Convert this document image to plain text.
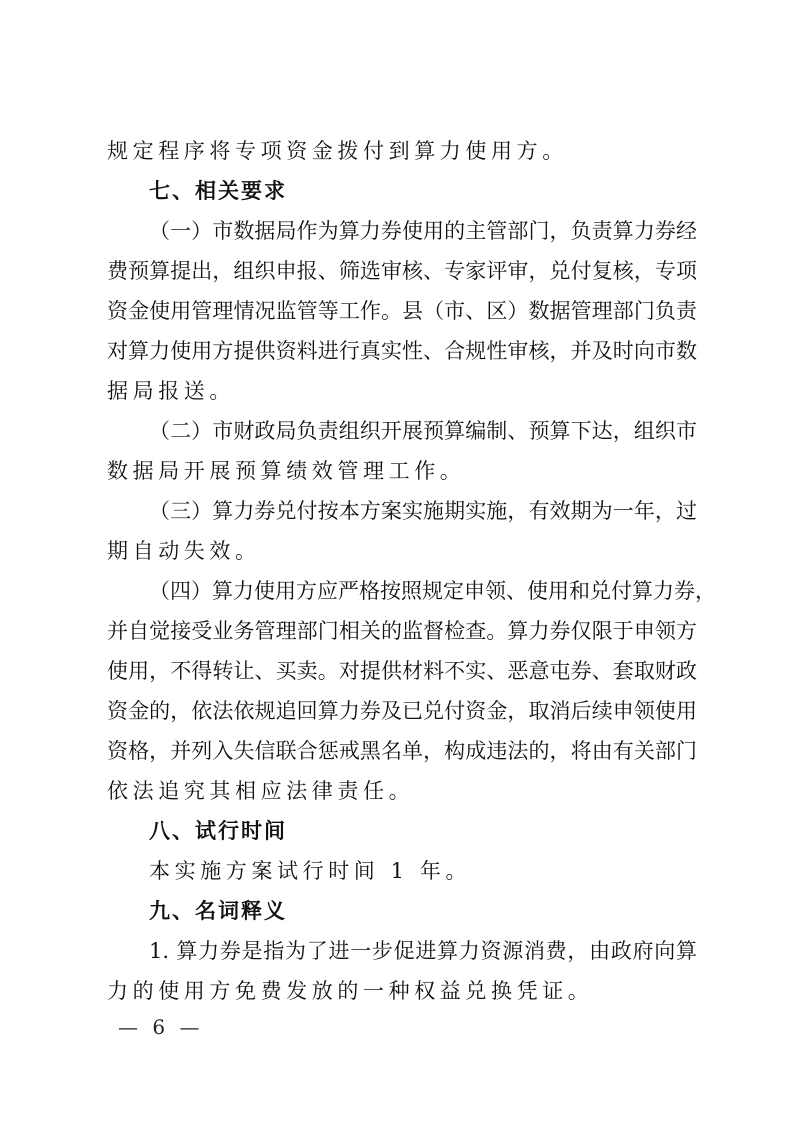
规定程序将专项资金拨付到算力使用方。
七、相关要求
（一）市数据局作为算力券使用的主管部门，负责算力券经
费预算提出，组织申报、筛选审核、专家评审，兑付复核，专项
资金使用管理情况监管等工作。县（市、区）数据管理部门负责
对算力使用方提供资料进行真实性、合规性审核，并及时向市数
据局报送。
（二）市财政局负责组织开展预算编制、预算下达，组织市
数据局开展预算绩效管理工作。
（三）算力券兑付按本方案实施期实施，有效期为一年，过
期自动失效。
（四）算力使用方应严格按照规定申领、使用和兑付算力券，
并自觉接受业务管理部门相关的监督检查。算力券仅限于申领方
使用，不得转让、买卖。对提供材料不实、恶意屯券、套取财政
资金的，依法依规追回算力券及已兑付资金，取消后续申领使用
资格，并列入失信联合惩戒黑名单，构成违法的，将由有关部门
依法追究其相应法律责任。
八、试行时间
本实施方案试行时间 1 年。
九、名词释义
1. 算力券是指为了进一步促进算力资源消费，由政府向算
力的使用方免费发放的一种权益兑换凭证。
— 6 —
